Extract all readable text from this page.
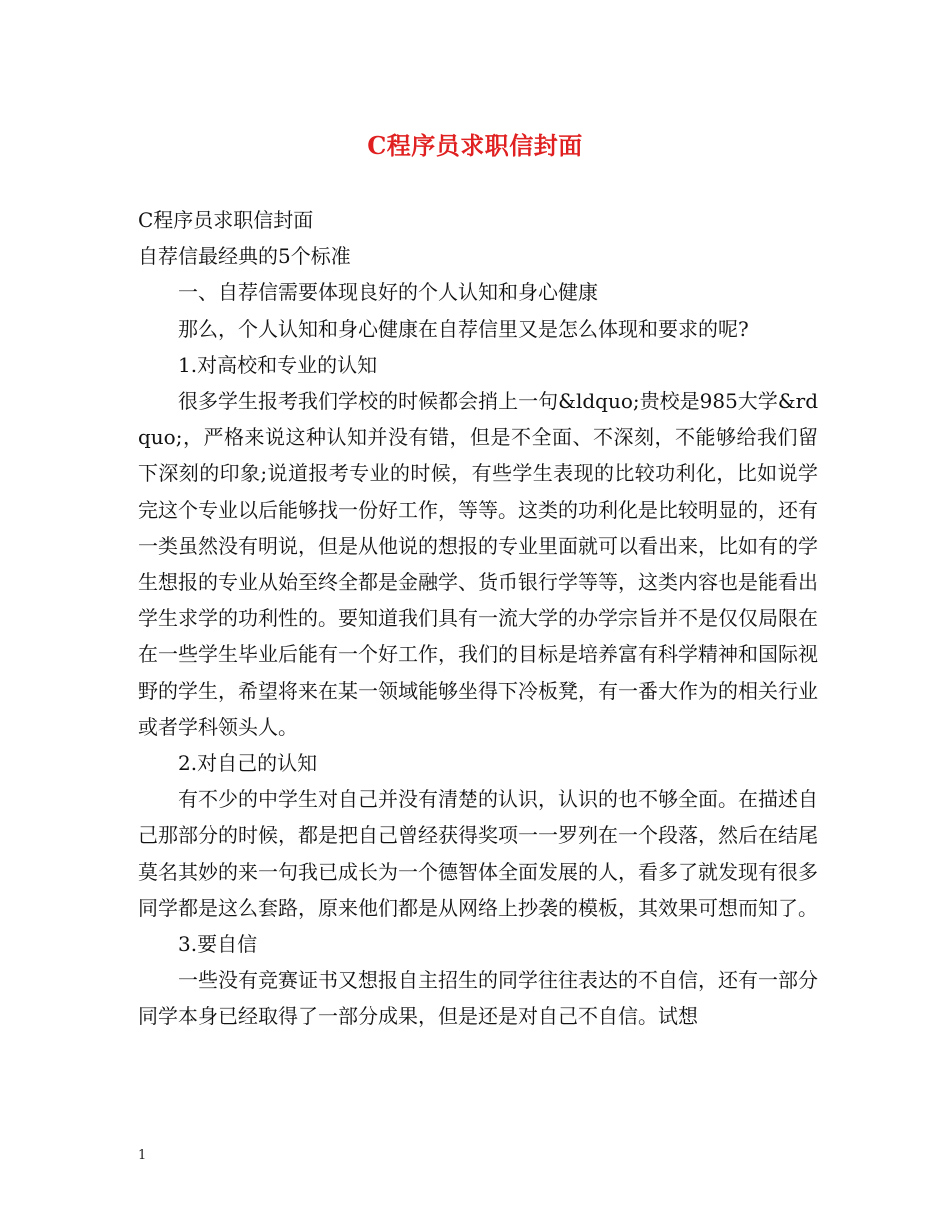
C程序员求职信封面

C程序员求职信封面

自荐信最经典的5个标准

一、自荐信需要体现良好的个人认知和身心健康

那么，个人认知和身心健康在自荐信里又是怎么体现和要求的呢?

1.对高校和专业的认知

很多学生报考我们学校的时候都会捎上一句&ldquo;贵校是985大学&rdquo;，严格来说这种认知并没有错，但是不全面、不深刻，不能够给我们留下深刻的印象;说道报考专业的时候，有些学生表现的比较功利化，比如说学完这个专业以后能够找一份好工作，等等。这类的功利化是比较明显的，还有一类虽然没有明说，但是从他说的想报的专业里面就可以看出来，比如有的学生想报的专业从始至终全都是金融学、货币银行学等等，这类内容也是能看出学生求学的功利性的。要知道我们具有一流大学的办学宗旨并不是仅仅局限在在一些学生毕业后能有一个好工作，我们的目标是培养富有科学精神和国际视野的学生，希望将来在某一领域能够坐得下冷板凳，有一番大作为的相关行业或者学科领头人。

2.对自己的认知

有不少的中学生对自己并没有清楚的认识，认识的也不够全面。在描述自己那部分的时候，都是把自己曾经获得奖项一一罗列在一个段落，然后在结尾莫名其妙的来一句我已成长为一个德智体全面发展的人，看多了就发现有很多同学都是这么套路，原来他们都是从网络上抄袭的模板，其效果可想而知了。

3.要自信

一些没有竞赛证书又想报自主招生的同学往往表达的不自信，还有一部分同学本身已经取得了一部分成果，但是还是对自己不自信。试想

1
